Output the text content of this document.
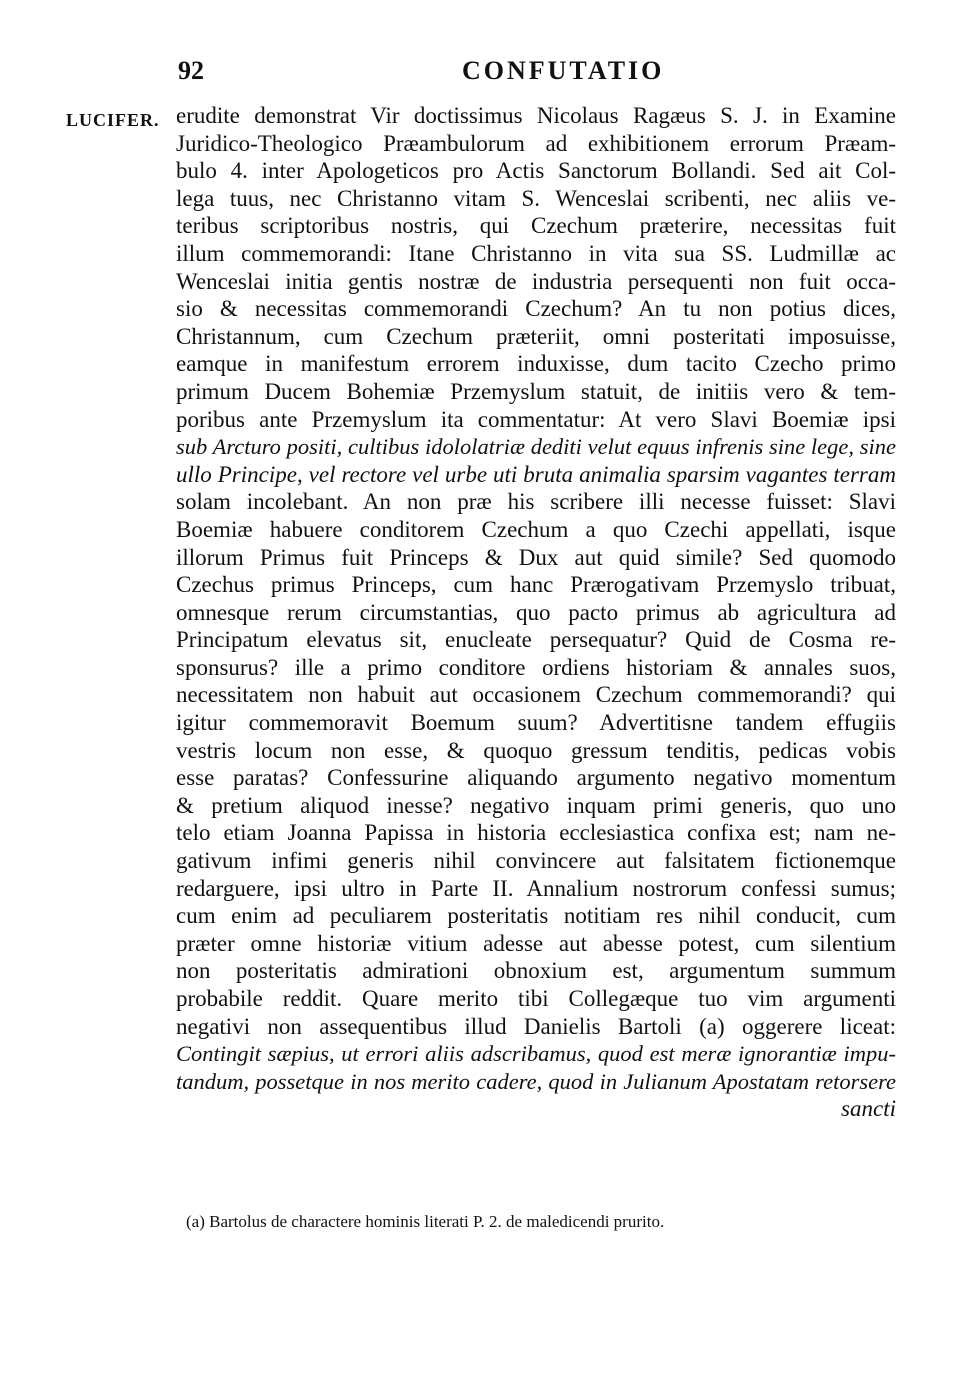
92	CONFUTATIO
LUCIFER. erudite demonstrat Vir doctissimus Nicolaus Ragæus S. J. in Examine
Juridico-Theologico Præambulorum ad exhibitionem errorum Præam-
bulo 4. inter Apologeticos pro Actis Sanctorum Bollandi. Sed ait Col-
lega tuus, nec Christanno vitam S. Wenceslai scribenti, nec aliis ve-
teribus scriptoribus nostris, qui Czechum præterire, necessitas fuit
illum commemorandi: Itane Christanno in vita sua SS. Ludmillæ ac
Wenceslai initia gentis nostræ de industria persequenti non fuit occa-
sio & necessitas commemorandi Czechum? An tu non potius dices,
Christannum, cum Czechum præteriit, omni posteritati imposuisse,
eamque in manifestum errorem induxisse, dum tacito Czecho primo
primum Ducem Bohemiæ Przemyslum statuit, de initiis vero & tem-
poribus ante Przemyslum ita commentatur: At vero Slavi Boemiæ ipsi
sub Arcturo positi, cultibus idololatriæ dediti velut equus infrenis sine lege, sine
ullo Principe, vel rectore vel urbe uti bruta animalia sparsim vagantes terram
solam incolebant. An non præ his scribere illi necesse fuisset: Slavi
Boemiæ habuere conditorem Czechum a quo Czechi appellati, isque
illorum Primus fuit Princeps & Dux aut quid simile? Sed quomodo
Czechus primus Princeps, cum hanc Prærogativam Przemyslo tribuat,
omnesque rerum circumstantias, quo pacto primus ab agricultura ad
Principatum elevatus sit, enucleate persequatur? Quid de Cosma re-
sponsurus? ille a primo conditore ordiens historiam & annales suos,
necessitatem non habuit aut occasionem Czechum commemorandi? qui
igitur commemoravit Boemum suum? Advertitisne tandem effugiis
vestris locum non esse, & quoquo gressum tenditis, pedicas vobis
esse paratas? Confessurine aliquando argumento negativo momentum
& pretium aliquod inesse? negativo inquam primi generis, quo uno
telo etiam Joanna Papissa in historia ecclesiastica confixa est; nam ne-
gativum infimi generis nihil convincere aut falsitatem fictionemque
redarguere, ipsi ultro in Parte II. Annalium nostrorum confessi sumus;
cum enim ad peculiarem posteritatis notitiam res nihil conducit, cum
præter omne historiæ vitium adesse aut abesse potest, cum silentium
non posteritatis admirationi obnoxium est, argumentum summum
probabile reddit. Quare merito tibi Collegæque tuo vim argumenti
negativi non assequentibus illud Danielis Bartoli (a) oggerere liceat:
Contingit sæpius, ut errori aliis adscribamus, quod est meræ ignorantiæ impu-
tandum, possetque in nos merito cadere, quod in Julianum Apostatam retorsere
sancti
(a) Bartolus de charactere hominis literati P. 2. de maledicendi prurito.
